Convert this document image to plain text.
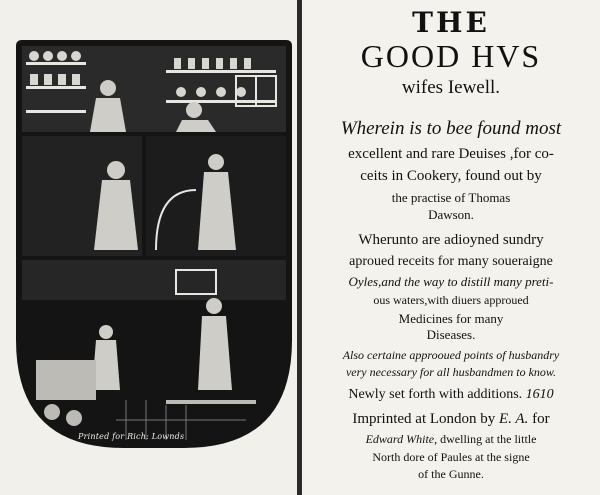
Printed for Rich: Lownds
THE
GOOD HVS
wifes Iewell.
Wherein is to bee found most
excellent and rare Deuises ,for co-
ceits in Cookery, found out by
the practise of Thomas
Dawson.
Wherunto are adioyned sundry
aproued receits for many soueraigne
Oyles,and the way to distill many preti-
ous waters,with diuers approued
Medicines for many
Diseases.
Also certaine approoued points of husbandry
very necessary for all husbandmen to know.
Newly set forth with additions. 1610
Imprinted at London by E. A. for
Edward White, dwelling at the little
North dore of Paules at the signe
of the Gunne.
